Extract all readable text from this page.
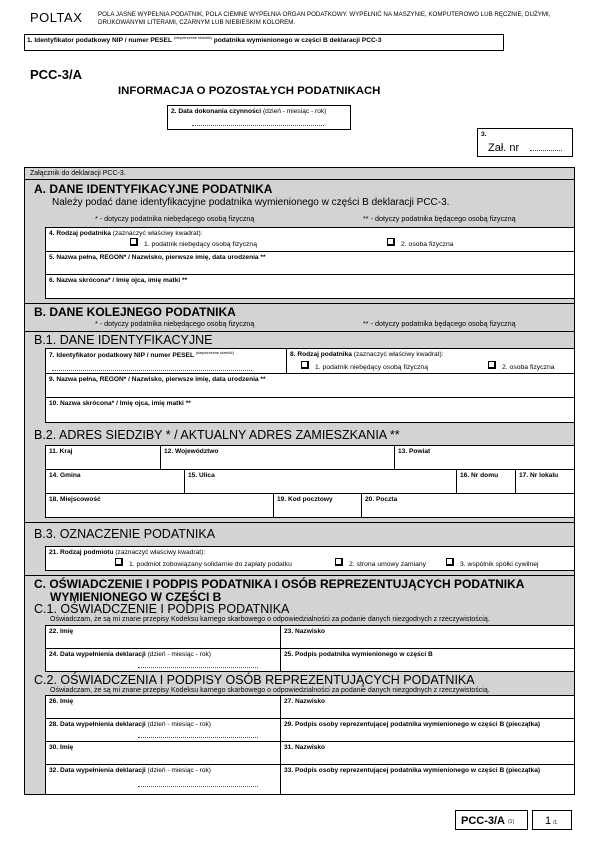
POLTAX	POLA JASNE WYPEŁNIA PODATNIK, POLA CIEMNE WYPEŁNIA ORGAN PODATKOWY. WYPEŁNIĆ NA MASZYNIE, KOMPUTEROWO LUB RĘCZNIE, DUŻYMI, DRUKOWANYMI LITERAMI, CZARNYM LUB NIEBIESKIM KOLOREM.
1. Identyfikator podatkowy NIP / numer PESEL $^{(niepotrzebne skreślić)}$ podatnika wymienionego w części B deklaracji PCC-3
PCC-3/A
INFORMACJA O POZOSTAŁYCH PODATNIKACH
2. Data dokonania czynności (dzień - miesiąc - rok)
3.
Zał. nr
Załącznik do deklaracji PCC-3.
A. DANE IDENTYFIKACYJNE PODATNIKA
Należy podać dane identyfikacyjne podatnika wymienionego w części B deklaracji PCC-3.
* - dotyczy podatnika niebędącego osobą fizyczną	** - dotyczy podatnika będącego osobą fizyczną
4. Rodzaj podatnika (zaznaczyć właściwy kwadrat):
1. podatnik niebędący osobą fizyczną	2. osoba fizyczna
5. Nazwa pełna, REGON* / Nazwisko, pierwsze imię, data urodzenia **
6. Nazwa skrócona* / Imię ojca, imię matki **
B. DANE KOLEJNEGO PODATNIKA
* - dotyczy podatnika niebędącego osobą fizyczną	** - dotyczy podatnika będącego osobą fizyczną
B.1. DANE IDENTYFIKACYJNE
7. Identyfikator podatkowy NIP / numer PESEL $^{(niepotrzebne skreślić)}$	8. Rodzaj podatnika (zaznaczyć właściwy kwadrat):
1. podatnik niebędący osobą fizyczną	2. osoba fizyczna
9. Nazwa pełna, REGON* / Nazwisko, pierwsze imię, data urodzenia **
10. Nazwa skrócona* / Imię ojca, imię matki **
B.2. ADRES SIEDZIBY * / AKTUALNY ADRES ZAMIESZKANIA **
11. Kraj	12. Województwo	13. Powiat
14. Gmina	15. Ulica	16. Nr domu	17. Nr lokalu
18. Miejscowość	19. Kod pocztowy	20. Poczta
B.3. OZNACZENIE PODATNIKA
21. Rodzaj podmiotu (zaznaczyć właściwy kwadrat):
1. podmiot zobowiązany solidarnie do zapłaty podatku	2. strona umowy zamiany	3. wspólnik spółki cywilnej
C. OŚWIADCZENIE I PODPIS PODATNIKA I OSÓB REPREZENTUJĄCYCH PODATNIKA
WYMIENIONEGO W CZĘŚCI B
C.1. OŚWIADCZENIE I PODPIS PODATNIKA
Oświadczam, że są mi znane przepisy Kodeksu karnego skarbowego o odpowiedzialności za podanie danych niezgodnych z rzeczywistością.
22. Imię	23. Nazwisko
24. Data wypełnienia deklaracji (dzień - miesiąc - rok)	25. Podpis podatnika wymienionego w części B
C.2. OŚWIADCZENIA I PODPISY OSÓB REPREZENTUJĄCYCH PODATNIKA
Oświadczam, że są mi znane przepisy Kodeksu karnego skarbowego o odpowiedzialności za podanie danych niezgodnych z rzeczywistością.
26. Imię	27. Nazwisko
28. Data wypełnienia deklaracji (dzień - miesiąc - rok)	29. Podpis osoby reprezentującej podatnika wymienionego w części B (pieczątka)
30. Imię	31. Nazwisko
32. Data wypełnienia deklaracji (dzień - miesiąc - rok)	33. Podpis osoby reprezentującej podatnika wymienionego w części B (pieczątka)
PCC-3/A (1)	1 /1
